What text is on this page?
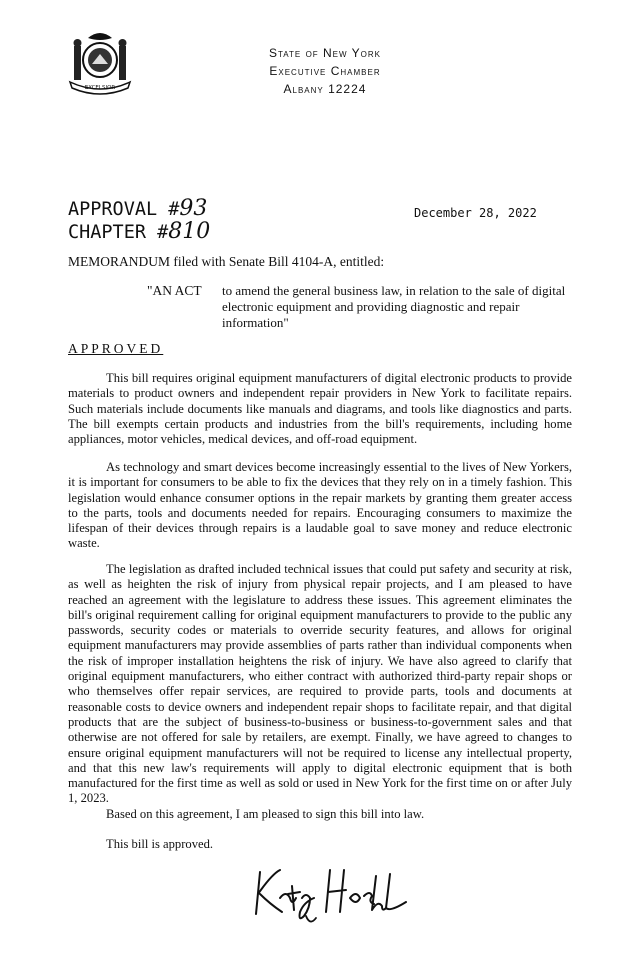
EXCELSIOR
State of New York
Executive Chamber
Albany 12224
APPROVAL #93
CHAPTER #810
December 28, 2022
MEMORANDUM filed with Senate Bill 4104-A, entitled:
"AN ACT to amend the general business law, in relation to the sale of digital electronic equipment and providing diagnostic and repair information"
APPROVED

This bill requires original equipment manufacturers of digital electronic products to provide materials to product owners and independent repair providers in New York to facilitate repairs. Such materials include documents like manuals and diagrams, and tools like diagnostics and parts. The bill exempts certain products and industries from the bill's requirements, including home appliances, motor vehicles, medical devices, and off-road equipment.

As technology and smart devices become increasingly essential to the lives of New Yorkers, it is important for consumers to be able to fix the devices that they rely on in a timely fashion. This legislation would enhance consumer options in the repair markets by granting them greater access to the parts, tools and documents needed for repairs. Encouraging consumers to maximize the lifespan of their devices through repairs is a laudable goal to save money and reduce electronic waste.

The legislation as drafted included technical issues that could put safety and security at risk, as well as heighten the risk of injury from physical repair projects, and I am pleased to have reached an agreement with the legislature to address these issues. This agreement eliminates the bill's original requirement calling for original equipment manufacturers to provide to the public any passwords, security codes or materials to override security features, and allows for original equipment manufacturers may provide assemblies of parts rather than individual components when the risk of improper installation heightens the risk of injury. We have also agreed to clarify that original equipment manufacturers, who either contract with authorized third-party repair shops or who themselves offer repair services, are required to provide parts, tools and documents at reasonable costs to device owners and independent repair shops to facilitate repair, and that digital products that are the subject of business-to-business or business-to-government sales and that otherwise are not offered for sale by retailers, are exempt. Finally, we have agreed to changes to ensure original equipment manufacturers will not be required to license any intellectual property, and that this new law's requirements will apply to digital electronic equipment that is both manufactured for the first time as well as sold or used in New York for the first time on or after July 1, 2023.

Based on this agreement, I am pleased to sign this bill into law.

This bill is approved.
